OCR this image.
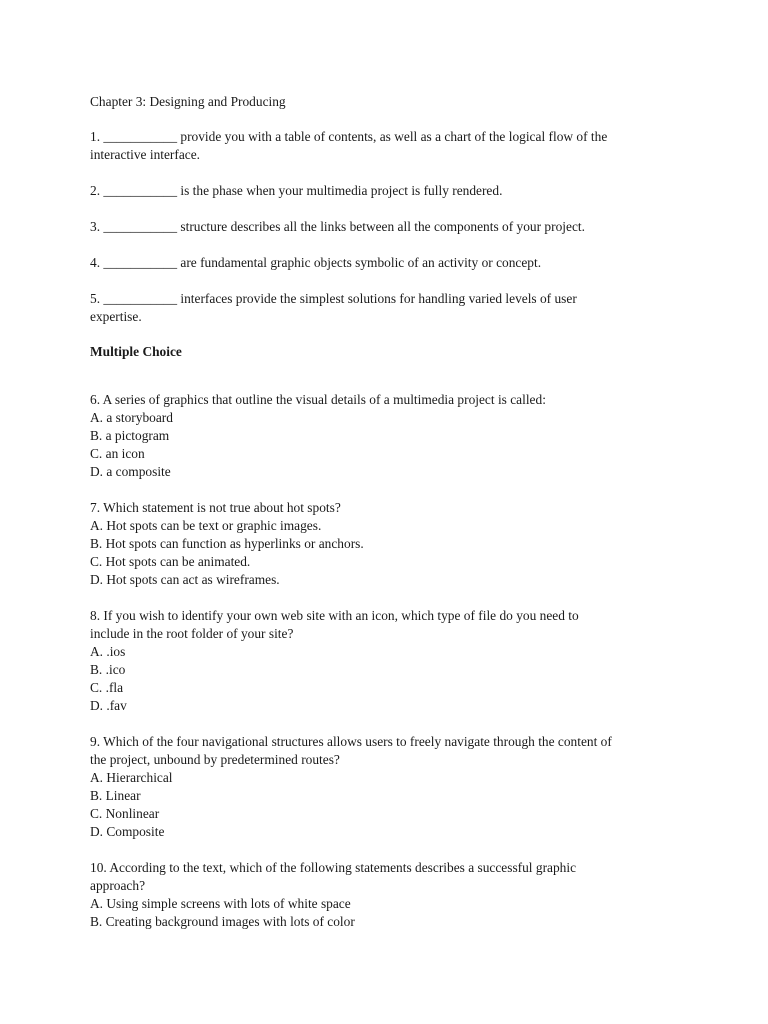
Chapter 3: Designing and Producing
1. ___________ provide you with a table of contents, as well as a chart of the logical flow of the
interactive interface.
2. ___________ is the phase when your multimedia project is fully rendered.
3. ___________ structure describes all the links between all the components of your project.
4. ___________ are fundamental graphic objects symbolic of an activity or concept.
5. ___________ interfaces provide the simplest solutions for handling varied levels of user
expertise.
Multiple Choice
6. A series of graphics that outline the visual details of a multimedia project is called:
A. a storyboard
B. a pictogram
C. an icon
D. a composite
7. Which statement is not true about hot spots?
A. Hot spots can be text or graphic images.
B. Hot spots can function as hyperlinks or anchors.
C. Hot spots can be animated.
D. Hot spots can act as wireframes.
8. If you wish to identify your own web site with an icon, which type of file do you need to
include in the root folder of your site?
A. .ios
B. .ico
C. .fla
D. .fav
9. Which of the four navigational structures allows users to freely navigate through the content of
the project, unbound by predetermined routes?
A. Hierarchical
B. Linear
C. Nonlinear
D. Composite
10. According to the text, which of the following statements describes a successful graphic
approach?
A. Using simple screens with lots of white space
B. Creating background images with lots of color
